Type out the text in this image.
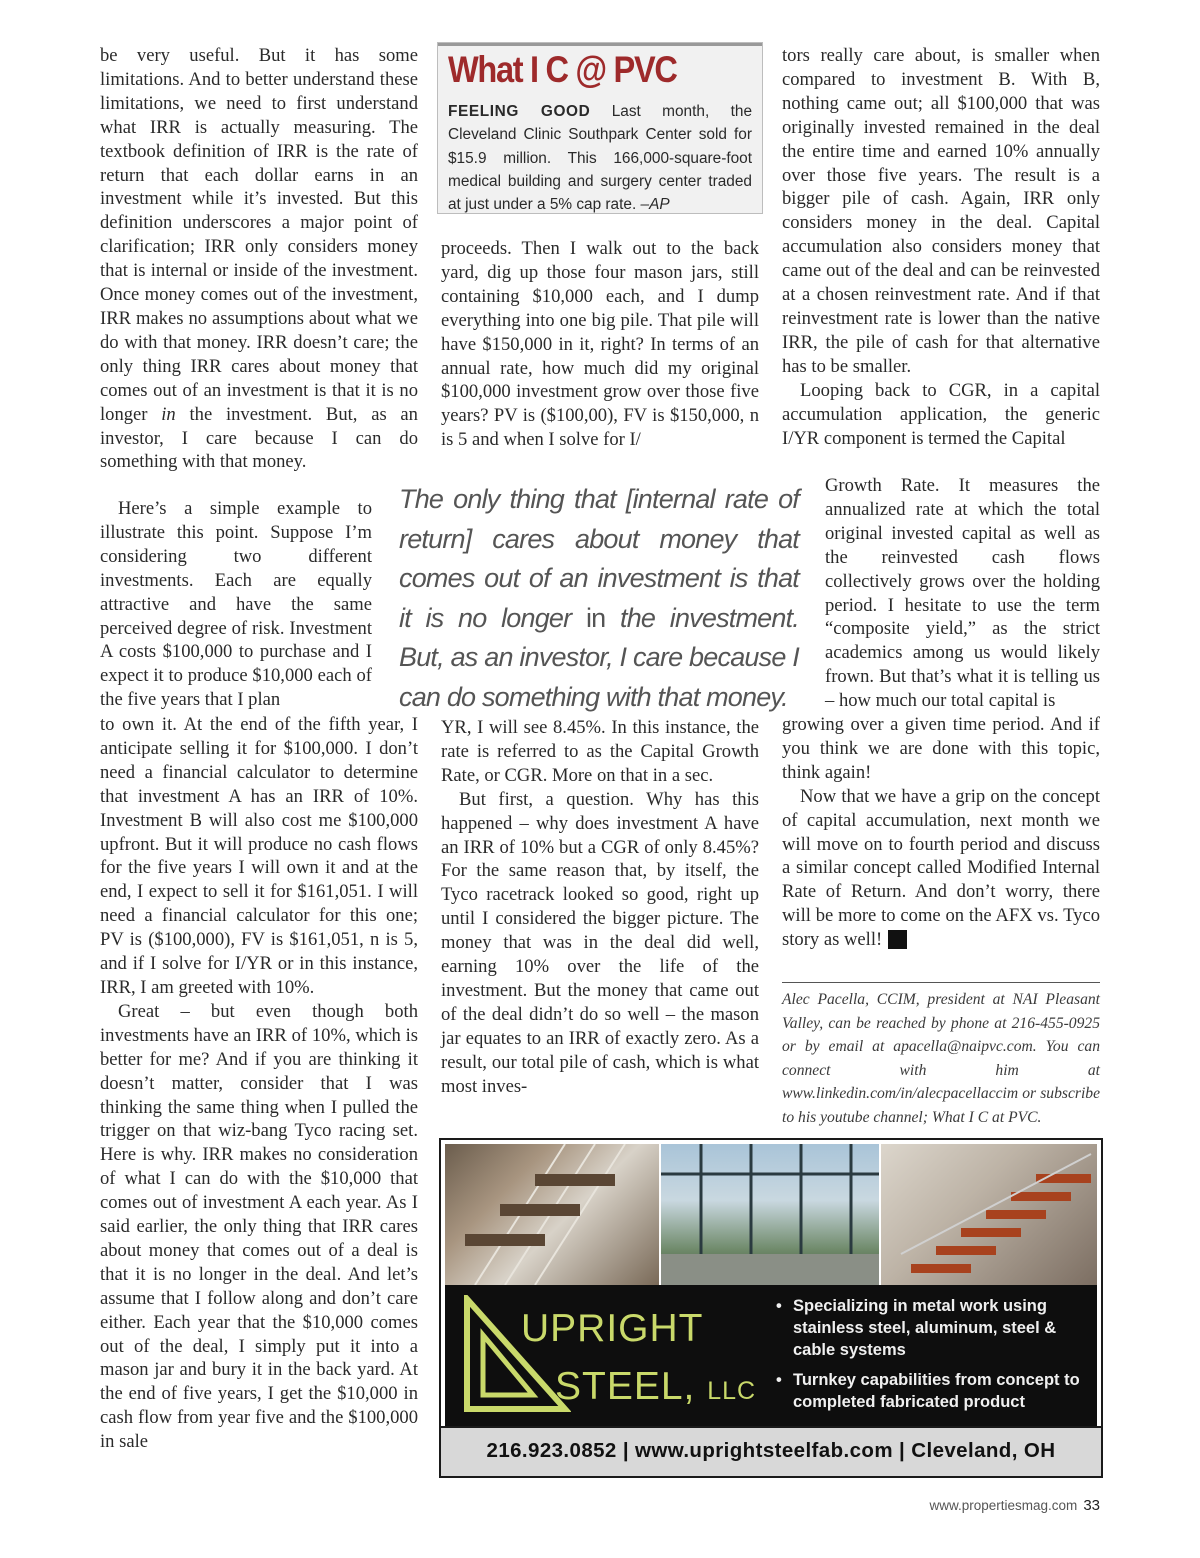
be very useful. But it has some limitations. And to better understand these limitations, we need to first understand what IRR is actually measuring. The textbook definition of IRR is the rate of return that each dollar earns in an investment while it’s invested. But this definition underscores a major point of clarification; IRR only considers money that is internal or inside of the investment. Once money comes out of the investment, IRR makes no assumptions about what we do with that money. IRR doesn’t care; the only thing IRR cares about money that comes out of an investment is that it is no longer in the investment. But, as an investor, I care because I can do something with that money.

Here’s a simple example to illustrate this point. Suppose I’m considering two different investments. Each are equally attractive and have the same perceived degree of risk. Investment A costs $100,000 to purchase and I expect it to produce $10,000 each of the five years that I plan

to own it. At the end of the fifth year, I anticipate selling it for $100,000. I don’t need a financial calculator to determine that investment A has an IRR of 10%. Investment B will also cost me $100,000 upfront. But it will produce no cash flows for the five years I will own it and at the end, I expect to sell it for $161,051. I will need a financial calculator for this one; PV is ($100,000), FV is $161,051, n is 5, and if I solve for I/YR or in this instance, IRR, I am greeted with 10%.

Great – but even though both investments have an IRR of 10%, which is better for me? And if you are thinking it doesn’t matter, consider that I was thinking the same thing when I pulled the trigger on that wiz-bang Tyco racing set. Here is why. IRR makes no consideration of what I can do with the $10,000 that comes out of investment A each year. As I said earlier, the only thing that IRR cares about money that comes out of a deal is that it is no longer in the deal. And let’s assume that I follow along and don’t care either. Each year that the $10,000 comes out of the deal, I simply put it into a mason jar and bury it in the back yard. At the end of five years, I get the $10,000 in cash flow from year five and the $100,000 in sale

What I C @ PVC
FEELING GOOD Last month, the Cleveland Clinic Southpark Center sold for $15.9 million. This 166,000-square-foot medical building and surgery center traded at just under a 5% cap rate. –AP

proceeds. Then I walk out to the back yard, dig up those four mason jars, still containing $10,000 each, and I dump everything into one big pile. That pile will have $150,000 in it, right? In terms of an annual rate, how much did my original $100,000 investment grow over those five years? PV is ($100,00), FV is $150,000, n is 5 and when I solve for I/

The only thing that [internal rate of return] cares about money that comes out of an investment is that it is no longer in the investment. But, as an investor, I care because I can do something with that money.

YR, I will see 8.45%. In this instance, the rate is referred to as the Capital Growth Rate, or CGR. More on that in a sec.

But first, a question. Why has this happened – why does investment A have an IRR of 10% but a CGR of only 8.45%? For the same reason that, by itself, the Tyco racetrack looked so good, right up until I considered the bigger picture. The money that was in the deal did well, earning 10% over the life of the investment. But the money that came out of the deal didn’t do so well – the mason jar equates to an IRR of exactly zero. As a result, our total pile of cash, which is what most inves-

tors really care about, is smaller when compared to investment B. With B, nothing came out; all $100,000 that was originally invested remained in the deal the entire time and earned 10% annually over those five years. The result is a bigger pile of cash. Again, IRR only considers money in the deal. Capital accumulation also considers money that came out of the deal and can be reinvested at a chosen reinvestment rate. And if that reinvestment rate is lower than the native IRR, the pile of cash for that alternative has to be smaller.

Looping back to CGR, in a capital accumulation application, the generic I/YR component is termed the Capital

Growth Rate. It measures the annualized rate at which the total original invested capital as well as the reinvested cash flows collectively grows over the holding period. I hesitate to use the term “composite yield,” as the strict academics among us would likely frown. But that’s what it is telling us – how much our total capital is

growing over a given time period. And if you think we are done with this topic, think again!

Now that we have a grip on the concept of capital accumulation, next month we will move on to fourth period and discuss a similar concept called Modified Internal Rate of Return. And don’t worry, there will be more to come on the AFX vs. Tyco story as well! P

Alec Pacella, CCIM, president at NAI Pleasant Valley, can be reached by phone at 216-455-0925 or by email at apacella@naipvc.com. You can connect with him at www.linkedin.com/in/alecpacellaccim or subscribe to his youtube channel; What I C at PVC.
UPRIGHT
STEEL, LLC
• Specializing in metal work using stainless steel, aluminum, steel & cable systems
• Turnkey capabilities from concept to completed fabricated product
216.923.0852 | www.uprightsteelfab.com | Cleveland, OH
www.propertiesmag.com 33
